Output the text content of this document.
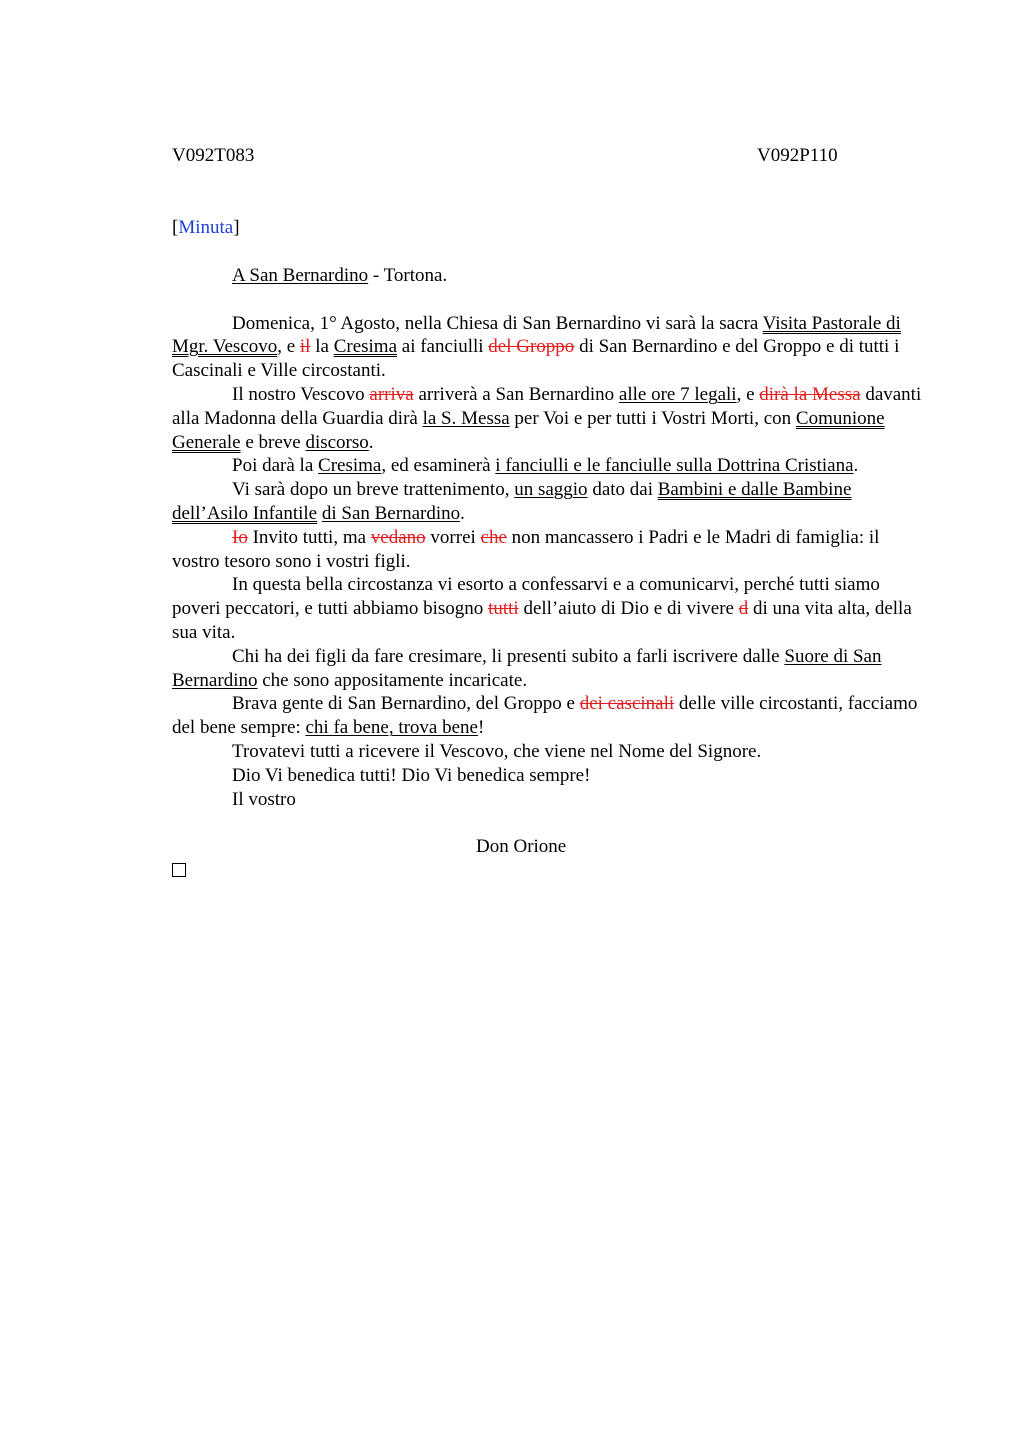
V092T083	V092P110
[Minuta]
A San Bernardino - Tortona.

Domenica, 1° Agosto, nella Chiesa di San Bernardino vi sarà la sacra Visita Pastorale di Mgr. Vescovo, e il la Cresima ai fanciulli del Groppo di San Bernardino e del Groppo e di tutti i Cascinali e Ville circostanti.

Il nostro Vescovo arriva arriverà a San Bernardino alle ore 7 legali, e dirà la Messa davanti alla Madonna della Guardia dirà la S. Messa per Voi e per tutti i Vostri Morti, con Comunione Generale e breve discorso.

Poi darà la Cresima, ed esaminerà i fanciulli e le fanciulle sulla Dottrina Cristiana.

Vi sarà dopo un breve trattenimento, un saggio dato dai Bambini e dalle Bambine dell’Asilo Infantile di San Bernardino.

Io Invito tutti, ma vedano vorrei che non mancassero i Padri e le Madri di famiglia: il vostro tesoro sono i vostri figli.

In questa bella circostanza vi esorto a confessarvi e a comunicarvi, perché tutti siamo poveri peccatori, e tutti abbiamo bisogno tutti dell’aiuto di Dio e di vivere d di una vita alta, della sua vita.

Chi ha dei figli da fare cresimare, li presenti subito a farli iscrivere dalle Suore di San Bernardino che sono appositamente incaricate.

Brava gente di San Bernardino, del Groppo e dei cascinali delle ville circostanti, facciamo del bene sempre: chi fa bene, trova bene!

Trovatevi tutti a ricevere il Vescovo, che viene nel Nome del Signore.

Dio Vi benedica tutti! Dio Vi benedica sempre!

Il vostro

Don Orione
